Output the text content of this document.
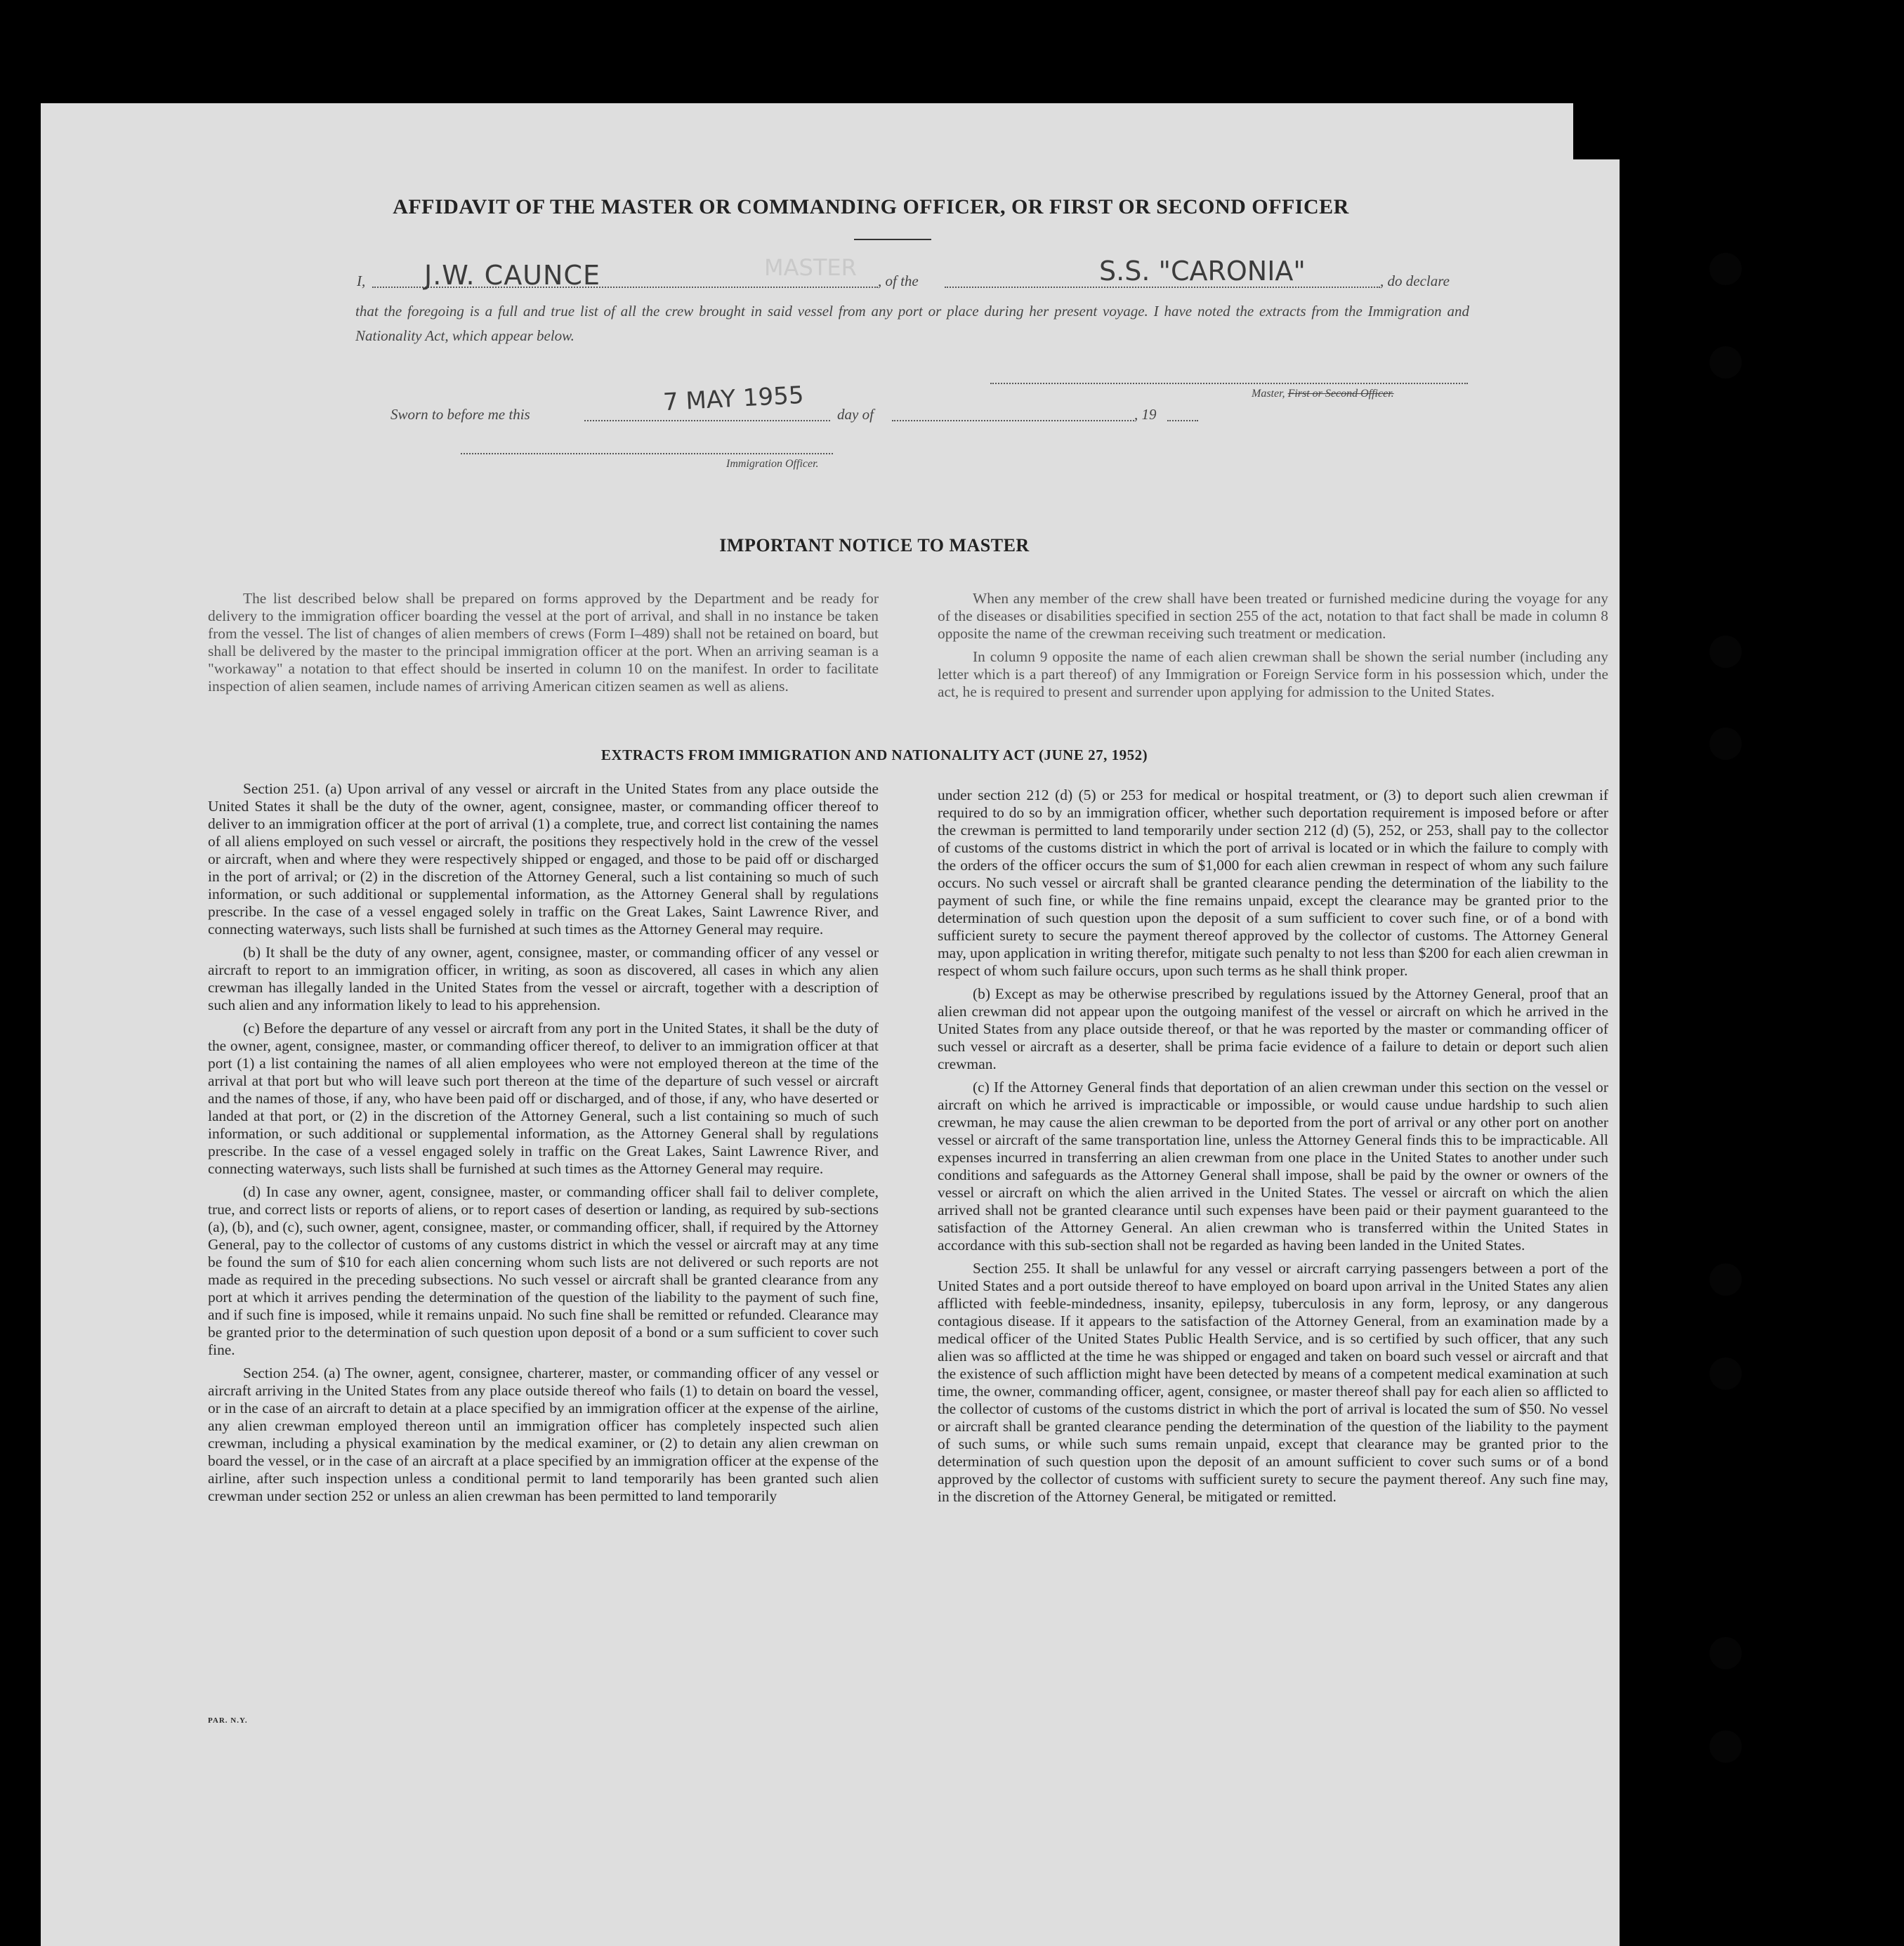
AFFIDAVIT OF THE MASTER OR COMMANDING OFFICER, OR FIRST OR SECOND OFFICER
I, J.W. CAUNCE	MASTER , of the	S.S. "CARONIA"	, do declare
that the foregoing is a full and true list of all the crew brought in said vessel from any port or place during her present voyage. I have noted the extracts from the Immigration and Nationality Act, which appear below.
Master, First or Second Officer.
Sworn to before me this	7 MAY 1955 day of	, 19
Immigration Officer.
IMPORTANT NOTICE TO MASTER

The list described below shall be prepared on forms approved by the Department and be ready for delivery to the immigration officer boarding the vessel at the port of arrival, and shall in no instance be taken from the vessel. The list of changes of alien members of crews (Form I–489) shall not be retained on board, but shall be delivered by the master to the principal immigration officer at the port. When an arriving seaman is a "workaway" a notation to that effect should be inserted in column 10 on the manifest. In order to facilitate inspection of alien seamen, include names of arriving American citizen seamen as well as aliens.

When any member of the crew shall have been treated or furnished medicine during the voyage for any of the diseases or disabilities specified in section 255 of the act, notation to that fact shall be made in column 8 opposite the name of the crewman receiving such treatment or medication.

In column 9 opposite the name of each alien crewman shall be shown the serial number (including any letter which is a part thereof) of any Immigration or Foreign Service form in his possession which, under the act, he is required to present and surrender upon applying for admission to the United States.

EXTRACTS FROM IMMIGRATION AND NATIONALITY ACT (JUNE 27, 1952)

Section 251. (a) Upon arrival of any vessel or aircraft in the United States from any place outside the United States it shall be the duty of the owner, agent, consignee, master, or commanding officer thereof to deliver to an immigration officer at the port of arrival (1) a complete, true, and correct list containing the names of all aliens employed on such vessel or aircraft, the positions they respectively hold in the crew of the vessel or aircraft, when and where they were respectively shipped or engaged, and those to be paid off or discharged in the port of arrival; or (2) in the discretion of the Attorney General, such a list containing so much of such information, or such additional or supplemental information, as the Attorney General shall by regulations prescribe. In the case of a vessel engaged solely in traffic on the Great Lakes, Saint Lawrence River, and connecting waterways, such lists shall be furnished at such times as the Attorney General may require.

(b) It shall be the duty of any owner, agent, consignee, master, or commanding officer of any vessel or aircraft to report to an immigration officer, in writing, as soon as discovered, all cases in which any alien crewman has illegally landed in the United States from the vessel or aircraft, together with a description of such alien and any information likely to lead to his apprehension.

(c) Before the departure of any vessel or aircraft from any port in the United States, it shall be the duty of the owner, agent, consignee, master, or commanding officer thereof, to deliver to an immigration officer at that port (1) a list containing the names of all alien employees who were not employed thereon at the time of the arrival at that port but who will leave such port thereon at the time of the departure of such vessel or aircraft and the names of those, if any, who have been paid off or discharged, and of those, if any, who have deserted or landed at that port, or (2) in the discretion of the Attorney General, such a list containing so much of such information, or such additional or supplemental information, as the Attorney General shall by regulations prescribe. In the case of a vessel engaged solely in traffic on the Great Lakes, Saint Lawrence River, and connecting waterways, such lists shall be furnished at such times as the Attorney General may require.

(d) In case any owner, agent, consignee, master, or commanding officer shall fail to deliver complete, true, and correct lists or reports of aliens, or to report cases of desertion or landing, as required by sub-sections (a), (b), and (c), such owner, agent, consignee, master, or commanding officer, shall, if required by the Attorney General, pay to the collector of customs of any customs district in which the vessel or aircraft may at any time be found the sum of $10 for each alien concerning whom such lists are not delivered or such reports are not made as required in the preceding subsections. No such vessel or aircraft shall be granted clearance from any port at which it arrives pending the determination of the question of the liability to the payment of such fine, and if such fine is imposed, while it remains unpaid. No such fine shall be remitted or refunded. Clearance may be granted prior to the determination of such question upon deposit of a bond or a sum sufficient to cover such fine.

Section 254. (a) The owner, agent, consignee, charterer, master, or commanding officer of any vessel or aircraft arriving in the United States from any place outside thereof who fails (1) to detain on board the vessel, or in the case of an aircraft to detain at a place specified by an immigration officer at the expense of the airline, any alien crewman employed thereon until an immigration officer has completely inspected such alien crewman, including a physical examination by the medical examiner, or (2) to detain any alien crewman on board the vessel, or in the case of an aircraft at a place specified by an immigration officer at the expense of the airline, after such inspection unless a conditional permit to land temporarily has been granted such alien crewman under section 252 or unless an alien crewman has been permitted to land temporarily

under section 212 (d) (5) or 253 for medical or hospital treatment, or (3) to deport such alien crewman if required to do so by an immigration officer, whether such deportation requirement is imposed before or after the crewman is permitted to land temporarily under section 212 (d) (5), 252, or 253, shall pay to the collector of customs of the customs district in which the port of arrival is located or in which the failure to comply with the orders of the officer occurs the sum of $1,000 for each alien crewman in respect of whom any such failure occurs. No such vessel or aircraft shall be granted clearance pending the determination of the liability to the payment of such fine, or while the fine remains unpaid, except the clearance may be granted prior to the determination of such question upon the deposit of a sum sufficient to cover such fine, or of a bond with sufficient surety to secure the payment thereof approved by the collector of customs. The Attorney General may, upon application in writing therefor, mitigate such penalty to not less than $200 for each alien crewman in respect of whom such failure occurs, upon such terms as he shall think proper.

(b) Except as may be otherwise prescribed by regulations issued by the Attorney General, proof that an alien crewman did not appear upon the outgoing manifest of the vessel or aircraft on which he arrived in the United States from any place outside thereof, or that he was reported by the master or commanding officer of such vessel or aircraft as a deserter, shall be prima facie evidence of a failure to detain or deport such alien crewman.

(c) If the Attorney General finds that deportation of an alien crewman under this section on the vessel or aircraft on which he arrived is impracticable or impossible, or would cause undue hardship to such alien crewman, he may cause the alien crewman to be deported from the port of arrival or any other port on another vessel or aircraft of the same transportation line, unless the Attorney General finds this to be impracticable. All expenses incurred in transferring an alien crewman from one place in the United States to another under such conditions and safeguards as the Attorney General shall impose, shall be paid by the owner or owners of the vessel or aircraft on which the alien arrived in the United States. The vessel or aircraft on which the alien arrived shall not be granted clearance until such expenses have been paid or their payment guaranteed to the satisfaction of the Attorney General. An alien crewman who is transferred within the United States in accordance with this sub-section shall not be regarded as having been landed in the United States.

Section 255. It shall be unlawful for any vessel or aircraft carrying passengers between a port of the United States and a port outside thereof to have employed on board upon arrival in the United States any alien afflicted with feeble-mindedness, insanity, epilepsy, tuberculosis in any form, leprosy, or any dangerous contagious disease. If it appears to the satisfaction of the Attorney General, from an examination made by a medical officer of the United States Public Health Service, and is so certified by such officer, that any such alien was so afflicted at the time he was shipped or engaged and taken on board such vessel or aircraft and that the existence of such affliction might have been detected by means of a competent medical examination at such time, the owner, commanding officer, agent, consignee, or master thereof shall pay for each alien so afflicted to the collector of customs of the customs district in which the port of arrival is located the sum of $50. No vessel or aircraft shall be granted clearance pending the determination of the question of the liability to the payment of such sums, or while such sums remain unpaid, except that clearance may be granted prior to the determination of such question upon the deposit of an amount sufficient to cover such sums or of a bond approved by the collector of customs with sufficient surety to secure the payment thereof. Any such fine may, in the discretion of the Attorney General, be mitigated or remitted.

PAR. N.Y.
